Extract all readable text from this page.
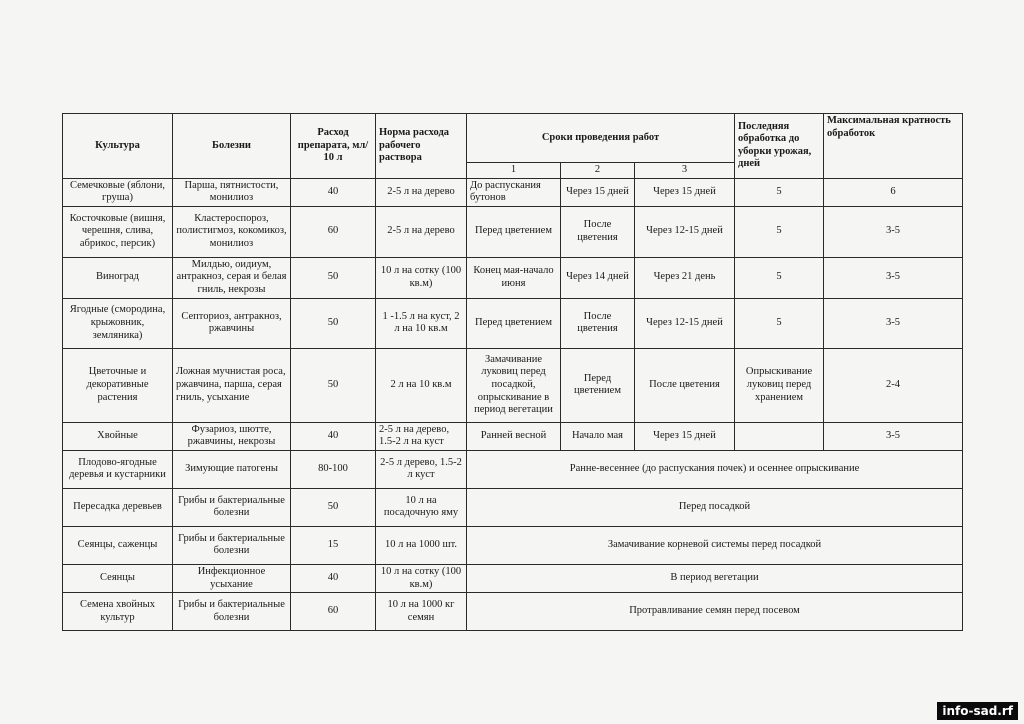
Культура	Болезни	Расход препарата, мл/ 10 л	Норма расхода рабочего раствора	Сроки проведения работ			Последняя обработка до уборки урожая, дней	Максимальная кратность обработок
				1	2	3		
Семечковые (яблони, груша)	Парша, пятнистости, монилиоз	40	2-5 л на дерево	До распускания бутонов	Через 15 дней	Через 15 дней	5	6
Косточковые (вишня, черешня, слива, абрикос, персик)	Кластероспороз, полистигмоз, кокомикоз, монилиоз	60	2-5 л на дерево	Перед цветением	После цветения	Через 12-15 дней	5	3-5
Виноград	Милдью, оидиум, антракноз, серая и белая гниль, некрозы	50	10 л на сотку (100 кв.м)	Конец мая-начало июня	Через 14 дней	Через 21 день	5	3-5
Ягодные (смородина, крыжовник, земляника)	Септориоз, антракноз, ржавчины	50	1 -1.5 л на куст, 2 л на 10 кв.м	Перед цветением	После цветения	Через 12-15 дней	5	3-5
Цветочные и декоративные растения	Ложная мучнистая роса, ржавчина, парша, серая гниль, усыхание	50	2 л на 10 кв.м	Замачивание луковиц перед посадкой, опрыскивание в период вегетации	Перед цветением	После цветения	Опрыскивание луковиц перед хранением	2-4
Хвойные	Фузариоз, шютте, ржавчины, некрозы	40	2-5 л на дерево, 1.5-2 л на куст	Ранней весной	Начало мая	Через 15 дней		3-5
Плодово-ягодные деревья и кустарники	Зимующие патогены	80-100	2-5 л дерево, 1.5-2 л куст	Ранне-весеннее (до распускания почек) и осеннее опрыскивание				
Пересадка деревьев	Грибы и бактериальные болезни	50	10 л на посадочную яму	Перед посадкой				
Сеянцы, саженцы	Грибы и бактериальные болезни	15	10 л на 1000 шт.	Замачивание корневой системы перед посадкой				
Сеянцы	Инфекционное усыхание	40	10 л на сотку (100 кв.м)	В период вегетации				
Семена хвойных культур	Грибы и бактериальные болезни	60	10 л на 1000 кг семян	Протравливание семян перед посевом				
info-sad.rf
